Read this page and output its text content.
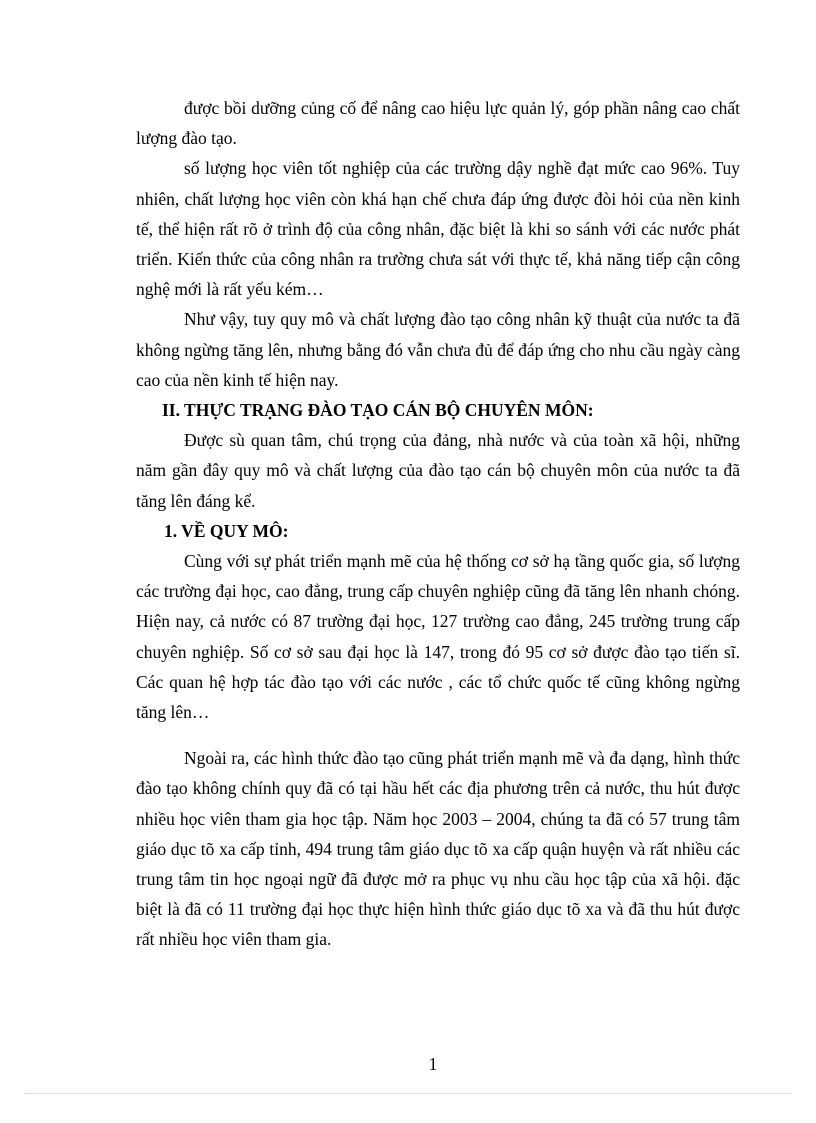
được bồi dưỡng củng cố để nâng cao hiệu lực quản lý, góp phần nâng cao chất lượng đào tạo.

số lượng học viên tốt nghiệp của các trường dậy nghề đạt mức cao 96%. Tuy nhiên, chất lượng học viên còn khá hạn chế chưa đáp ứng được đòi hỏi của nền kinh tế, thể hiện rất rõ ở trình độ của công nhân, đặc biệt là khi so sánh với các nước phát triển. Kiến thức của công nhân ra trường chưa sát với thực tế, khả năng tiếp cận công nghệ mới là rất yếu kém…

Như vậy, tuy quy mô và chất lượng đào tạo công nhân kỹ thuật của nước ta đã không ngừng tăng lên, nhưng bằng đó vẫn chưa đủ để đáp ứng cho nhu cầu ngày càng cao của nền kinh tế hiện nay.

II. THỰC TRẠNG ĐÀO TẠO CÁN BỘ CHUYÊN MÔN:

Được sù quan tâm, chú trọng của đảng, nhà nước và của toàn xã hội, những năm gần đây quy mô và chất lượng của đào tạo cán bộ chuyên môn của nước ta đã tăng lên đáng kể.

1. VỀ QUY MÔ:

Cùng với sự phát triển mạnh mẽ của hệ thống cơ sở hạ tầng quốc gia, số lượng các trường đại học, cao đẳng, trung cấp chuyên nghiệp cũng đã tăng lên nhanh chóng. Hiện nay, cả nước có 87 trường đại học, 127 trường cao đẳng, 245 trường trung cấp chuyên nghiệp. Số cơ sở sau đại học là 147, trong đó 95 cơ sở được đào tạo tiến sĩ. Các quan hệ hợp tác đào tạo với các nước , các tổ chức quốc tế cũng không ngừng tăng lên…

Ngoài ra, các hình thức đào tạo cũng phát triển mạnh mẽ và đa dạng, hình thức đào tạo không chính quy đã có tại hầu hết các địa phương trên cả nước, thu hút được nhiều học viên tham gia học tập. Năm học 2003 – 2004, chúng ta đã có 57 trung tâm giáo dục tõ xa cấp tỉnh, 494 trung tâm giáo dục tõ xa cấp quận huyện và rất nhiều các trung tâm tin học ngoại ngữ đã được mở ra phục vụ nhu cầu học tập của xã hội. đặc biệt là đã có 11 trường đại học thực hiện hình thức giáo dục tõ xa và đã thu hút được rất nhiều học viên tham gia.

1
